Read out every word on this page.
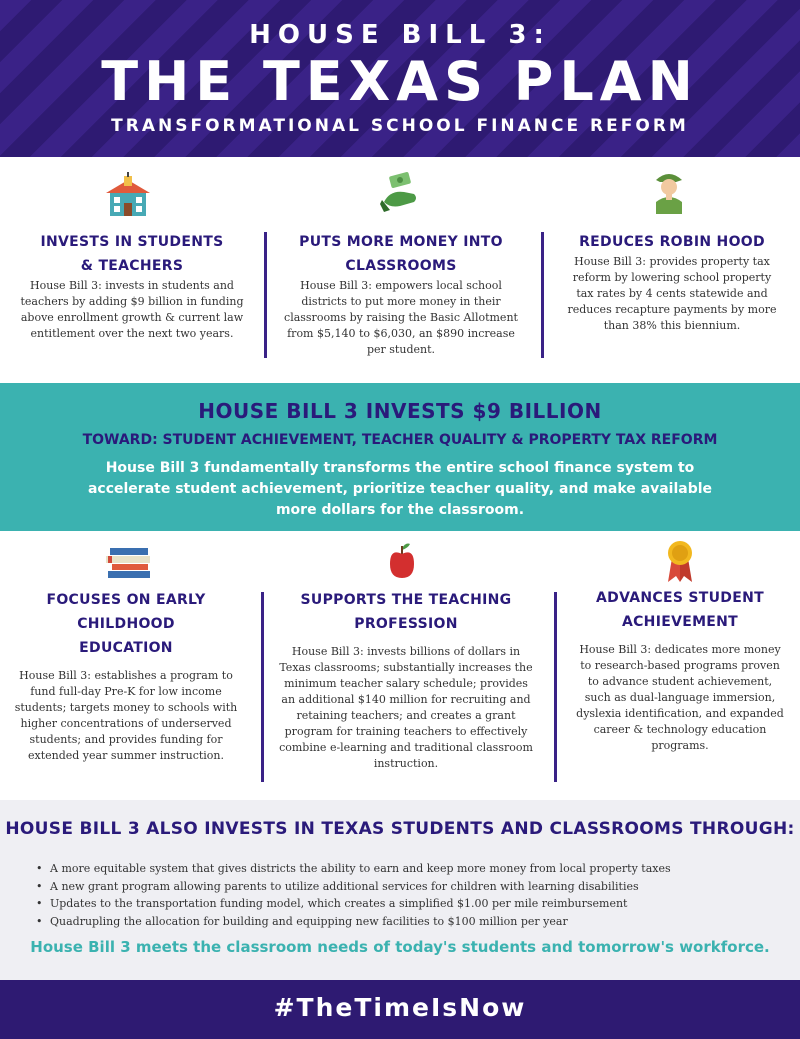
HOUSE BILL 3:
THE TEXAS PLAN
TRANSFORMATIONAL SCHOOL FINANCE REFORM
INVESTS IN STUDENTS
& TEACHERS
House Bill 3: invests in students and teachers by adding $9 billion in funding above enrollment growth & current law entitlement over the next two years.
PUTS MORE MONEY INTO
CLASSROOMS
House Bill 3: empowers local school districts to put more money in their classrooms by raising the Basic Allotment from $5,140 to $6,030, an $890 increase per student.
REDUCES ROBIN HOOD
House Bill 3: provides property tax reform by lowering school property tax rates by 4 cents statewide and reduces recapture payments by more than 38% this biennium.
HOUSE BILL 3 INVESTS $9 BILLION
TOWARD: STUDENT ACHIEVEMENT, TEACHER QUALITY & PROPERTY TAX REFORM
House Bill 3 fundamentally transforms the entire school finance system to accelerate student achievement, prioritize teacher quality, and make available more dollars for the classroom.
FOCUSES ON EARLY CHILDHOOD
EDUCATION
House Bill 3: establishes a program to fund full-day Pre-K for low income students; targets money to schools with higher concentrations of underserved students; and provides funding for extended year summer instruction.
SUPPORTS THE TEACHING
PROFESSION
House Bill 3: invests billions of dollars in Texas classrooms; substantially increases the minimum teacher salary schedule; provides an additional $140 million for recruiting and retaining teachers; and creates a grant program for training teachers to effectively combine e-learning and traditional classroom instruction.
ADVANCES STUDENT
ACHIEVEMENT
House Bill 3: dedicates more money to research-based programs proven to advance student achievement, such as dual-language immersion, dyslexia identification, and expanded career & technology education programs.
HOUSE BILL 3 ALSO INVESTS IN TEXAS STUDENTS AND CLASSROOMS THROUGH:
• A more equitable system that gives districts the ability to earn and keep more money from local property taxes
• A new grant program allowing parents to utilize additional services for children with learning disabilities
• Updates to the transportation funding model, which creates a simplified $1.00 per mile reimbursement
• Quadrupling the allocation for building and equipping new facilities to $100 million per year
House Bill 3 meets the classroom needs of today's students and tomorrow's workforce.
#TheTimeIsNow
